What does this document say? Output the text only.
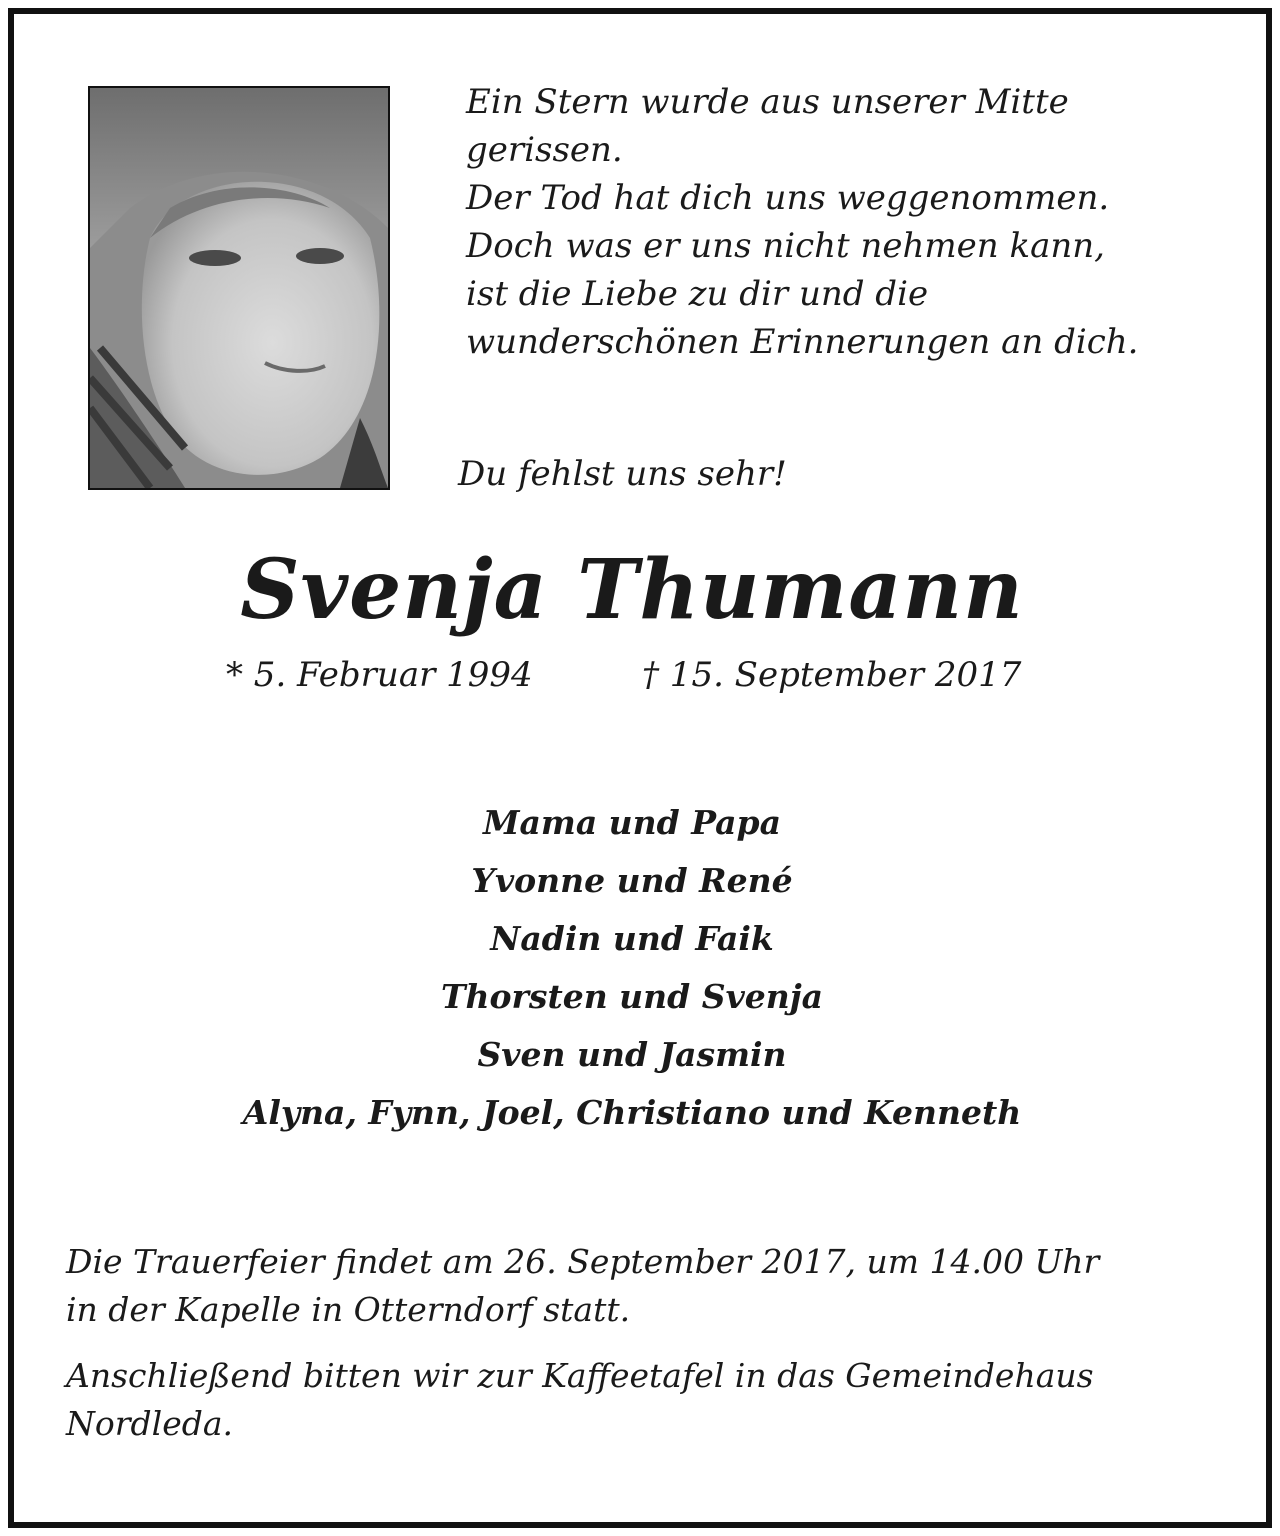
Ein Stern wurde aus unserer Mitte
gerissen.
Der Tod hat dich uns weggenommen.
Doch was er uns nicht nehmen kann,
ist die Liebe zu dir und die
wunderschönen Erinnerungen an dich.
Du fehlst uns sehr!
Svenja Thumann
* 5. Februar 1994	† 15. September 2017
Mama und Papa
Yvonne und René
Nadin und Faik
Thorsten und Svenja
Sven und Jasmin
Alyna, Fynn, Joel, Christiano und Kenneth
Die Trauerfeier findet am 26. September 2017, um 14.00 Uhr
in der Kapelle in Otterndorf statt.
Anschließend bitten wir zur Kaffeetafel in das Gemeindehaus
Nordleda.
